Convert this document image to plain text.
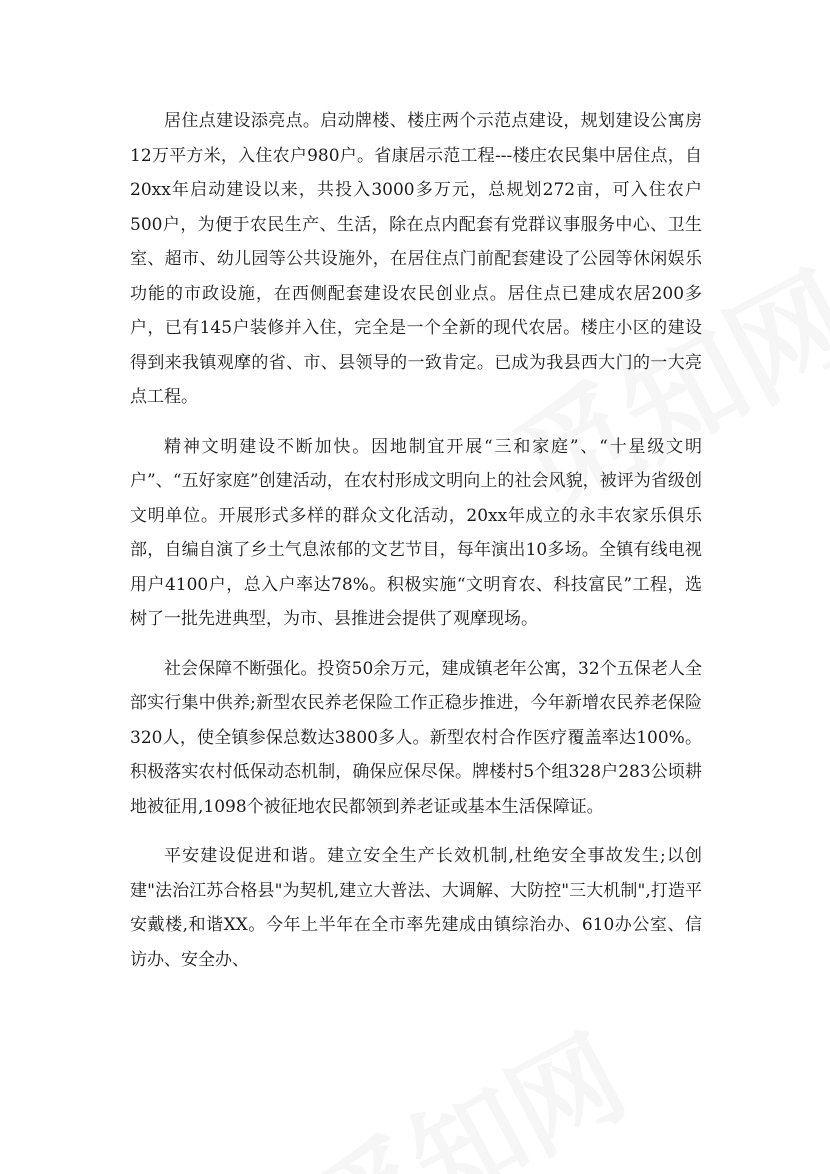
居住点建设添亮点。启动牌楼、楼庄两个示范点建设，规划建设公寓房12万平方米，入住农户980户。省康居示范工程---楼庄农民集中居住点，自20xx年启动建设以来，共投入3000多万元，总规划272亩，可入住农户500户，为便于农民生产、生活，除在点内配套有党群议事服务中心、卫生室、超市、幼儿园等公共设施外，在居住点门前配套建设了公园等休闲娱乐功能的市政设施，在西侧配套建设农民创业点。居住点已建成农居200多户，已有145户装修并入住，完全是一个全新的现代农居。楼庄小区的建设得到来我镇观摩的省、市、县领导的一致肯定。已成为我县西大门的一大亮点工程。

精神文明建设不断加快。因地制宜开展“三和家庭”、“十星级文明户”、“五好家庭”创建活动，在农村形成文明向上的社会风貌，被评为省级创文明单位。开展形式多样的群众文化活动，20xx年成立的永丰农家乐俱乐部，自编自演了乡土气息浓郁的文艺节目，每年演出10多场。全镇有线电视用户4100户，总入户率达78%。积极实施“文明育农、科技富民”工程，选树了一批先进典型，为市、县推进会提供了观摩现场。

社会保障不断强化。投资50余万元，建成镇老年公寓，32个五保老人全部实行集中供养;新型农民养老保险工作正稳步推进，今年新增农民养老保险320人，使全镇参保总数达3800多人。新型农村合作医疗覆盖率达100%。积极落实农村低保动态机制，确保应保尽保。牌楼村5个组328户283公顷耕地被征用,1098个被征地农民都领到养老证或基本生活保障证。

平安建设促进和谐。建立安全生产长效机制,杜绝安全事故发生;以创建"法治江苏合格县"为契机,建立大普法、大调解、大防控"三大机制",打造平安戴楼,和谐XX。今年上半年在全市率先建成由镇综治办、610办公室、信访办、安全办、
